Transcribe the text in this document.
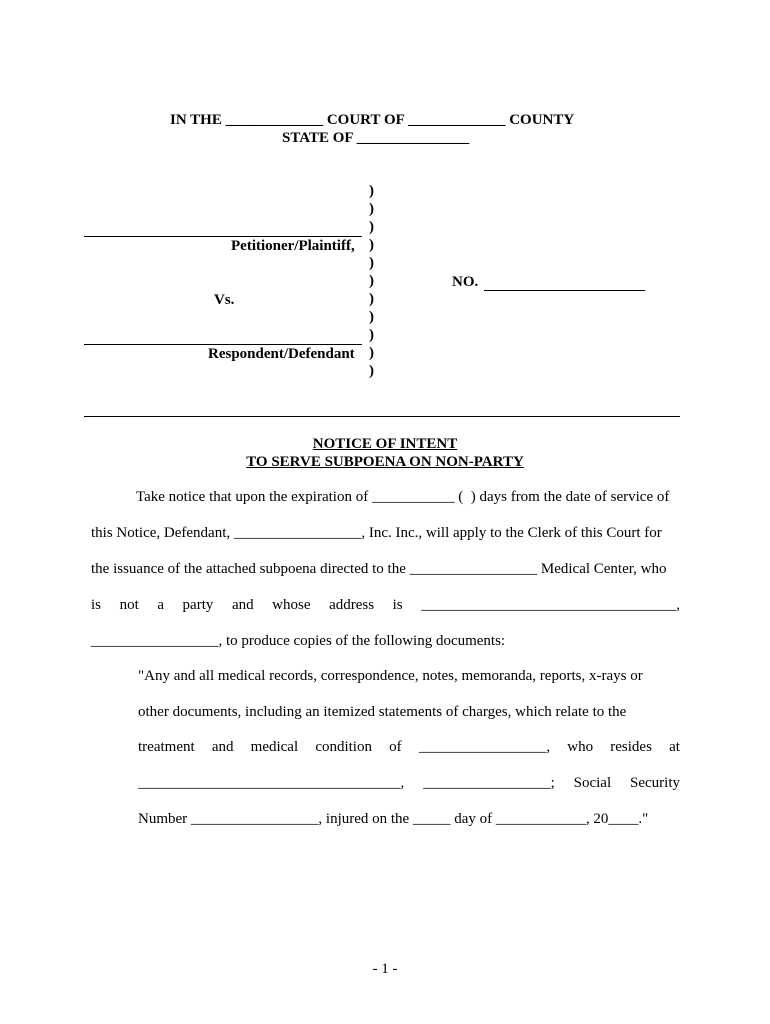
IN THE _____________ COURT OF _____________ COUNTY
STATE OF _______________
Petitioner/Plaintiff,
Vs.
Respondent/Defendant
)
)
)
)
)
)
)
)
)
)
)
NO.
NOTICE OF INTENT
TO SERVE SUBPOENA ON NON-PARTY
Take notice that upon the expiration of ___________ (  ) days from the date of service of
this Notice, Defendant, _________________, Inc. Inc., will apply to the Clerk of this Court for
the issuance of the attached subpoena directed to the _________________ Medical Center, who
is not a party and whose address is __________________________________,
_________________, to produce copies of the following documents:
"Any and all medical records, correspondence, notes, memoranda, reports, x-rays or
other documents, including an itemized statements of charges, which relate to the
treatment and medical condition of _________________, who resides at
___________________________________, _________________; Social Security
Number _________________, injured on the _____ day of ____________, 20____."
- 1 -
